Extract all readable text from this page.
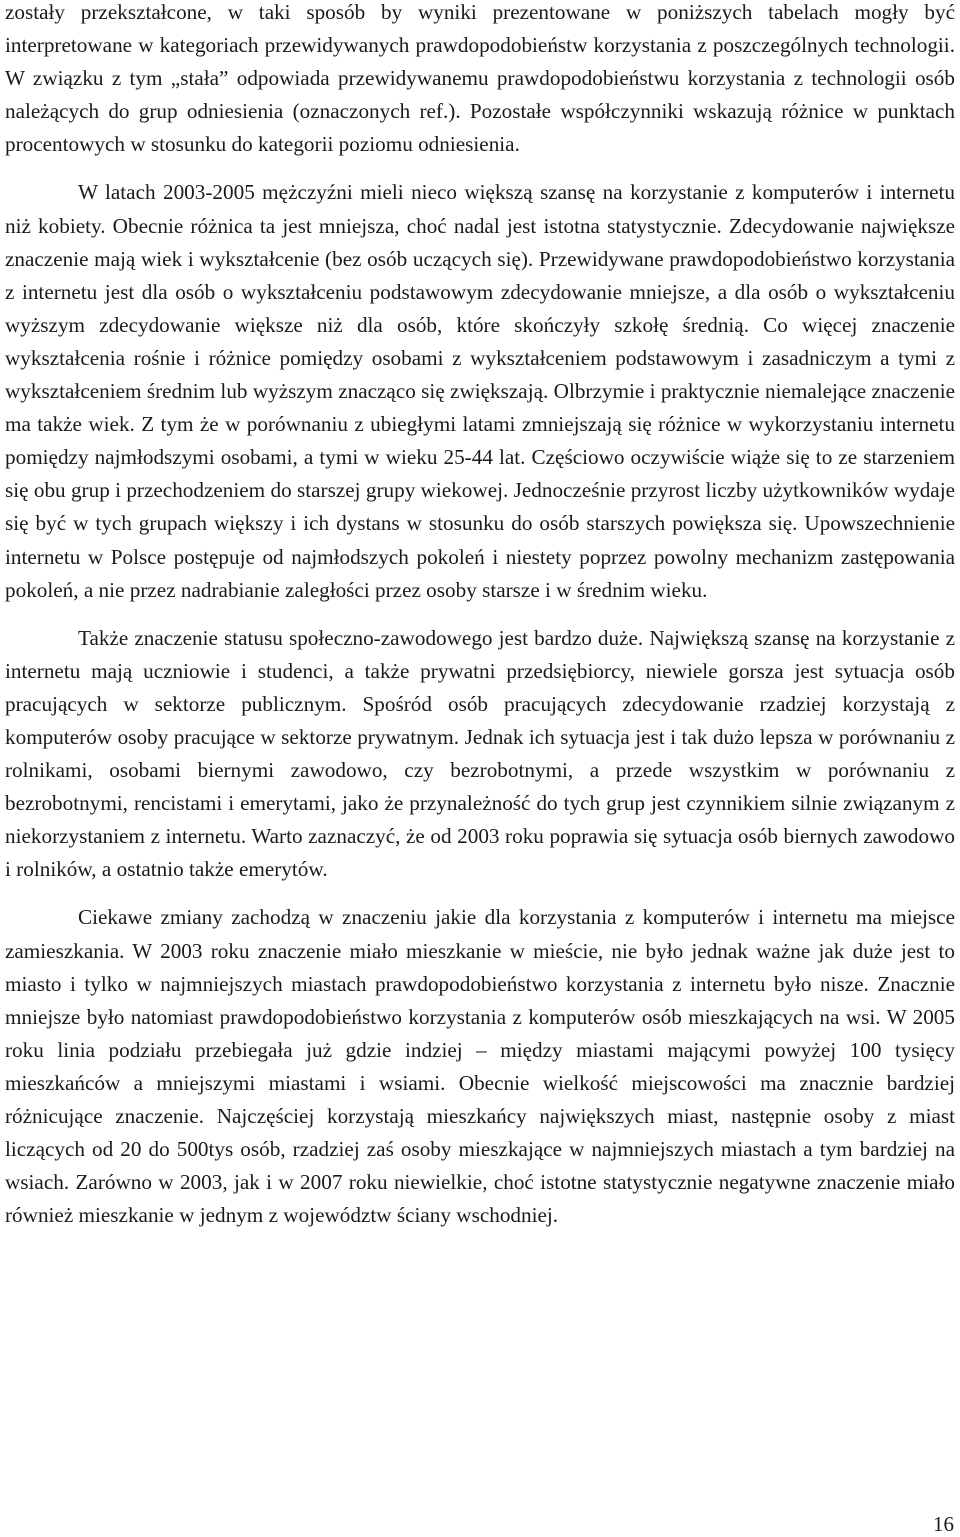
zostały przekształcone, w taki sposób by wyniki prezentowane w poniższych tabelach mogły być interpretowane w kategoriach przewidywanych prawdopodobieństw korzystania z poszczególnych technologii. W związku z tym „stała” odpowiada przewidywanemu prawdopodobieństwu korzystania z technologii osób należących do grup odniesienia (oznaczonych ref.). Pozostałe współczynniki wskazują różnice w punktach procentowych w stosunku do kategorii poziomu odniesienia.

W latach 2003-2005 mężczyźni mieli nieco większą szansę na korzystanie z komputerów i internetu niż kobiety. Obecnie różnica ta jest mniejsza, choć nadal jest istotna statystycznie. Zdecydowanie największe znaczenie mają wiek i wykształcenie (bez osób uczących się). Przewidywane prawdopodobieństwo korzystania z internetu jest dla osób o wykształceniu podstawowym zdecydowanie mniejsze, a dla osób o wykształceniu wyższym zdecydowanie większe niż dla osób, które skończyły szkołę średnią. Co więcej znaczenie wykształcenia rośnie i różnice pomiędzy osobami z wykształceniem podstawowym i zasadniczym a tymi z wykształceniem średnim lub wyższym znacząco się zwiększają. Olbrzymie i praktycznie niemalejące znaczenie ma także wiek. Z tym że w porównaniu z ubiegłymi latami zmniejszają się różnice w wykorzystaniu internetu pomiędzy najmłodszymi osobami, a tymi w wieku 25-44 lat. Częściowo oczywiście wiąże się to ze starzeniem się obu grup i przechodzeniem do starszej grupy wiekowej. Jednocześnie przyrost liczby użytkowników wydaje się być w tych grupach większy i ich dystans w stosunku do osób starszych powiększa się. Upowszechnienie internetu w Polsce postępuje od najmłodszych pokoleń i niestety poprzez powolny mechanizm zastępowania pokoleń, a nie przez nadrabianie zaległości przez osoby starsze i w średnim wieku.

Także znaczenie statusu społeczno-zawodowego jest bardzo duże. Największą szansę na korzystanie z internetu mają uczniowie i studenci, a także prywatni przedsiębiorcy, niewiele gorsza jest sytuacja osób pracujących w sektorze publicznym. Spośród osób pracujących zdecydowanie rzadziej korzystają z komputerów osoby pracujące w sektorze prywatnym. Jednak ich sytuacja jest i tak dużo lepsza w porównaniu z rolnikami, osobami biernymi zawodowo, czy bezrobotnymi, a przede wszystkim w porównaniu z bezrobotnymi, rencistami i emerytami, jako że przynależność do tych grup jest czynnikiem silnie związanym z niekorzystaniem z internetu. Warto zaznaczyć, że od 2003 roku poprawia się sytuacja osób biernych zawodowo i rolników, a ostatnio także emerytów.

Ciekawe zmiany zachodzą w znaczeniu jakie dla korzystania z komputerów i internetu ma miejsce zamieszkania. W 2003 roku znaczenie miało mieszkanie w mieście, nie było jednak ważne jak duże jest to miasto i tylko w najmniejszych miastach prawdopodobieństwo korzystania z internetu było nisze. Znacznie mniejsze było natomiast prawdopodobieństwo korzystania z komputerów osób mieszkających na wsi. W 2005 roku linia podziału przebiegała już gdzie indziej – między miastami mającymi powyżej 100 tysięcy mieszkańców a mniejszymi miastami i wsiami. Obecnie wielkość miejscowości ma znacznie bardziej różnicujące znaczenie. Najczęściej korzystają mieszkańcy największych miast, następnie osoby z miast liczących od 20 do 500tys osób, rzadziej zaś osoby mieszkające w najmniejszych miastach a tym bardziej na wsiach. Zarówno w 2003, jak i w 2007 roku niewielkie, choć istotne statystycznie negatywne znaczenie miało również mieszkanie w jednym z województw ściany wschodniej.

16
